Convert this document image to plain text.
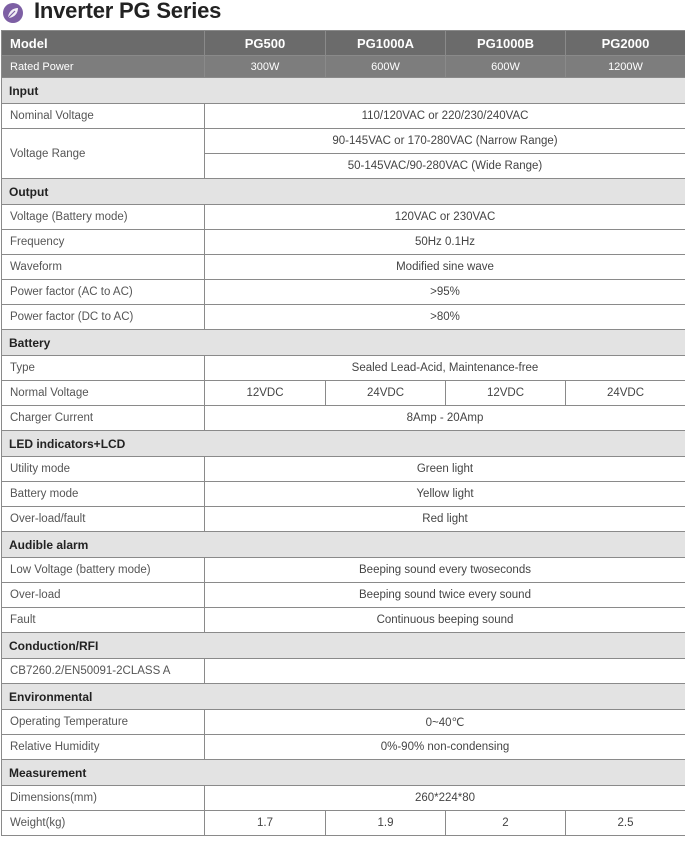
Inverter PG Series
Model	PG500	PG1000A	PG1000B	PG2000
Rated Power	300W	600W	600W	1200W
Input				
Nominal Voltage	110/120VAC or 220/230/240VAC			
Voltage Range	90-145VAC or 170-280VAC (Narrow Range)			
	50-145VAC/90-280VAC (Wide Range)			
Output				
Voltage (Battery mode)	120VAC or 230VAC			
Frequency	50Hz 0.1Hz			
Waveform	Modified sine wave			
Power factor (AC to AC)	>95%			
Power factor (DC to AC)	>80%			
Battery				
Type	Sealed Lead-Acid, Maintenance-free			
Normal Voltage	12VDC	24VDC	12VDC	24VDC
Charger Current	8Amp - 20Amp			
LED indicators+LCD				
Utility mode	Green light			
Battery mode	Yellow light			
Over-load/fault	Red light			
Audible alarm				
Low Voltage (battery mode)	Beeping sound every twoseconds			
Over-load	Beeping sound twice every sound			
Fault	Continuous beeping sound			
Conduction/RFI				
CB7260.2/EN50091-2CLASS A				
Environmental				
Operating Temperature	0~40℃			
Relative Humidity	0%-90% non-condensing			
Measurement				
Dimensions(mm)	260*224*80			
Weight(kg)	1.7	1.9	2	2.5
